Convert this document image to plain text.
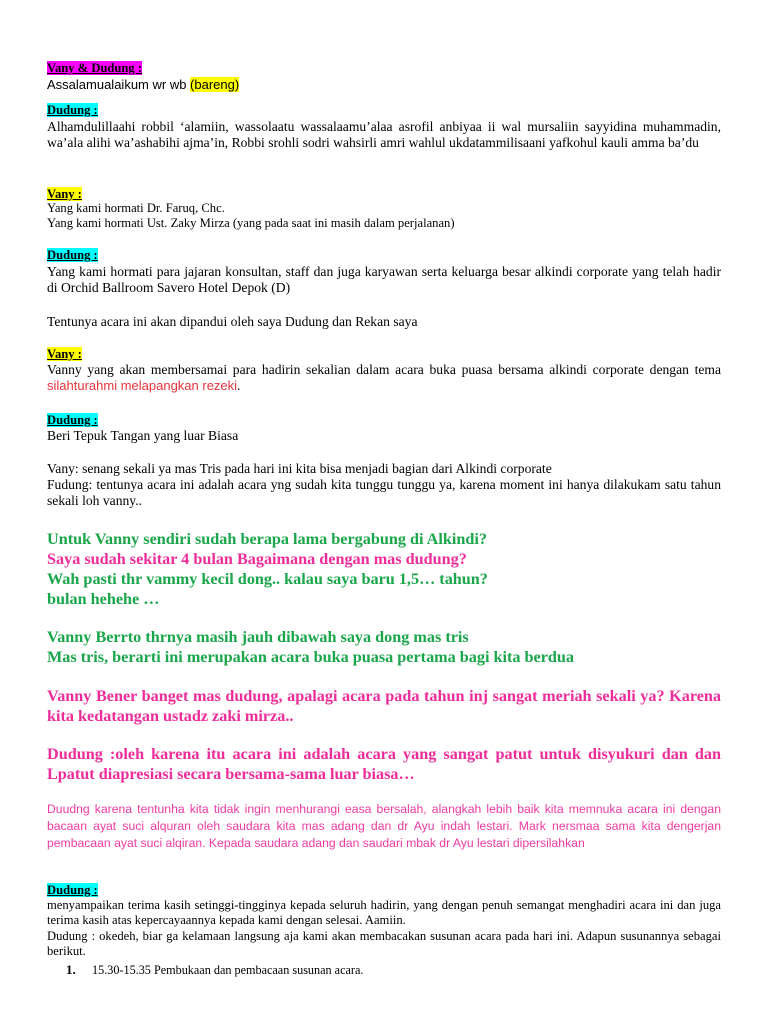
Vany & Dudung :
Assalamualaikum wr wb (bareng)
Dudung :
Alhamdulillaahi robbil ‘alamiin, wassolaatu wassalaamu’alaa asrofil anbiyaa ii wal mursaliin sayyidina muhammadin, wa’ala alihi wa’ashabihi ajma’in, Robbi srohli sodri wahsirli amri wahlul ukdatammilisaani yafkohul kauli amma ba’du
Vany :
Yang kami hormati Dr. Faruq, Chc.
Yang kami hormati Ust. Zaky Mirza (yang pada saat ini masih dalam perjalanan)
Dudung :
Yang kami hormati para jajaran konsultan, staff dan juga karyawan serta keluarga besar alkindi corporate yang telah hadir di Orchid Ballroom Savero Hotel Depok (D)
Tentunya acara ini akan dipandui oleh saya Dudung dan Rekan saya
Vany :
Vanny yang akan membersamai para hadirin sekalian dalam acara buka puasa bersama alkindi corporate dengan tema silahturahmi melapangkan rezeki.
Dudung :
Beri Tepuk Tangan yang luar Biasa
Vany: senang sekali ya mas Tris pada hari ini kita bisa menjadi bagian dari Alkindi corporate
Fudung: tentunya acara ini adalah acara yng sudah kita tunggu tunggu ya, karena moment ini hanya dilakukam satu tahun sekali loh vanny..
Untuk Vanny sendiri sudah berapa lama bergabung di Alkindi?
Saya sudah sekitar 4 bulan Bagaimana dengan mas dudung?
Wah pasti thr vammy kecil dong.. kalau saya baru 1,5… tahun?
bulan hehehe …
Vanny Berrto thrnya masih jauh dibawah saya dong mas tris
Mas tris, berarti ini merupakan acara buka puasa pertama bagi kita berdua
Vanny Bener banget mas dudung, apalagi acara pada tahun inj sangat meriah sekali ya? Karena kita kedatangan ustadz zaki mirza..
Dudung :oleh karena itu acara ini adalah acara yang sangat patut untuk disyukuri dan dan Lpatut diapresiasi secara bersama-sama luar biasa…
Duudng karena tentunha kita tidak ingin menhurangi easa bersalah, alangkah lebih baik kita memnuka acara ini dengan bacaan ayat suci alquran oleh saudara kita mas adang dan dr Ayu indah lestari. Mark nersmaa sama kita dengerjan pembacaan ayat suci alqiran. Kepada saudara adang dan saudari mbak dr Ayu lestari dipersilahkan
Dudung :
menyampaikan terima kasih setinggi-tingginya kepada seluruh hadirin, yang dengan penuh semangat menghadiri acara ini dan juga terima kasih atas kepercayaannya kepada kami dengan selesai. Aamiin.
Dudung : okedeh, biar ga kelamaan langsung aja kami akan membacakan susunan acara pada hari ini. Adapun susunannya sebagai berikut.
1. 15.30-15.35 Pembukaan dan pembacaan susunan acara.
